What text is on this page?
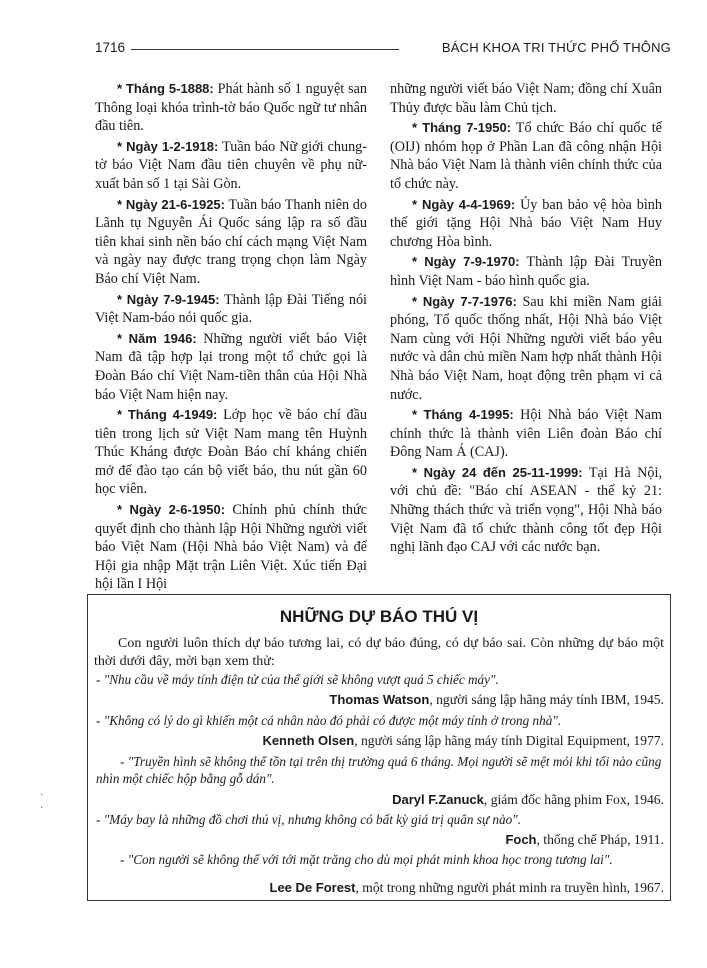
1716	BÁCH KHOA TRI THỨC PHỔ THÔNG

* Tháng 5-1888: Phát hành số 1 nguyệt san Thông loại khóa trình-tờ báo Quốc ngữ tư nhân đầu tiên.

* Ngày 1-2-1918: Tuần báo Nữ giới chung-tờ báo Việt Nam đầu tiên chuyên về phụ nữ-xuất bản số 1 tại Sài Gòn.

* Ngày 21-6-1925: Tuần báo Thanh niên do Lãnh tụ Nguyễn Ái Quốc sáng lập ra số đầu tiên khai sinh nền báo chí cách mạng Việt Nam và ngày nay được trang trọng chọn làm Ngày Báo chí Việt Nam.

* Ngày 7-9-1945: Thành lập Đài Tiếng nói Việt Nam-báo nói quốc gia.

* Năm 1946: Những người viết báo Việt Nam đã tập hợp lại trong một tổ chức gọi là Đoàn Báo chí Việt Nam-tiền thân của Hội Nhà báo Việt Nam hiện nay.

* Tháng 4-1949: Lớp học về báo chí đầu tiên trong lịch sử Việt Nam mang tên Huỳnh Thúc Kháng được Đoàn Báo chí kháng chiến mở để đào tạo cán bộ viết báo, thu nút gần 60 học viên.

* Ngày 2-6-1950: Chính phủ chính thức quyết định cho thành lập Hội Những người viết báo Việt Nam (Hội Nhà báo Việt Nam) và để Hội gia nhập Mặt trận Liên Việt. Xúc tiến Đại hội lần I Hội

những người viết báo Việt Nam; đồng chí Xuân Thủy được bầu làm Chủ tịch.

* Tháng 7-1950: Tổ chức Báo chí quốc tế (OIJ) nhóm họp ở Phần Lan đã công nhận Hội Nhà báo Việt Nam là thành viên chính thức của tổ chức này.

* Ngày 4-4-1969: Ủy ban bảo vệ hòa bình thế giới tặng Hội Nhà báo Việt Nam Huy chương Hòa bình.

* Ngày 7-9-1970: Thành lập Đài Truyền hình Việt Nam - báo hình quốc gia.

* Ngày 7-7-1976: Sau khi miền Nam giải phóng, Tổ quốc thống nhất, Hội Nhà báo Việt Nam cùng với Hội Những người viết báo yêu nước và dân chủ miền Nam hợp nhất thành Hội Nhà báo Việt Nam, hoạt động trên phạm vi cả nước.

* Tháng 4-1995: Hội Nhà báo Việt Nam chính thức là thành viên Liên đoàn Báo chí Đông Nam Á (CAJ).

* Ngày 24 đến 25-11-1999: Tại Hà Nội, với chủ đề: "Báo chí ASEAN - thế kỷ 21: Những thách thức và triển vọng", Hội Nhà báo Việt Nam đã tổ chức thành công tốt đẹp Hội nghị lãnh đạo CAJ với các nước bạn.

NHỮNG DỰ BÁO THÚ VỊ

Con người luôn thích dự báo tương lai, có dự báo đúng, có dự báo sai. Còn những dự báo một thời dưới đây, mời bạn xem thử:

- "Nhu cầu về máy tính điện tử của thế giới sẽ không vượt quá 5 chiếc máy".

Thomas Watson, người sáng lập hãng máy tính IBM, 1945.

- "Không có lý do gì khiến một cá nhân nào đó phải có được một máy tính ở trong nhà".

Kenneth Olsen, người sáng lập hãng máy tính Digital Equipment, 1977.

- "Truyền hình sẽ không thể tồn tại trên thị trường quá 6 tháng. Mọi người sẽ mệt mỏi khi tối nào cũng nhìn một chiếc hộp bằng gỗ dán".

Daryl F.Zanuck, giám đốc hãng phim Fox, 1946.

- "Máy bay là những đồ chơi thú vị, nhưng không có bất kỳ giá trị quân sự nào".

Foch, thống chế Pháp, 1911.

- "Con người sẽ không thể với tới mặt trăng cho dù mọi phát minh khoa học trong tương lai".

Lee De Forest, một trong những người phát minh ra truyền hình, 1967.

·
·
